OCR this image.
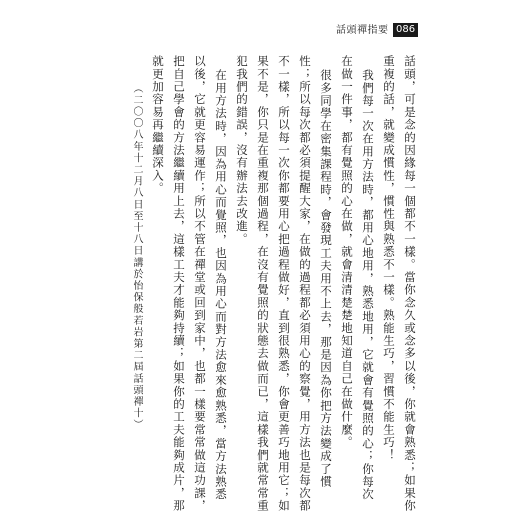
話頭禪指要 086
話頭，可是念的因緣每一個都不一樣。當你念久或念多以後，你就會熟悉；如果你
重複的話，就變成慣性，慣性與熟悉不一樣。熟能生巧，習慣不能生巧！
我們每一次在用方法時，都用心地用，熟悉地用，它就會有覺照的心；你每次
在做一件事，都有覺照的心在做，就會清清楚楚地知道自己在做什麼。
很多同學在密集課程時，會發現工夫用不上去，那是因為你把方法變成了慣
性；所以每次都必須提醒大家，在做的過程都必須用心的察覺，用方法也是每次都
不一樣，所以每一次你都要用心把過程做好，直到很熟悉，你會更善巧地用它；如
果不是，你只是在重複那個過程，在沒有覺照的狀態去做而已，這樣我們就常常重
犯我們的錯誤，沒有辦法去改進。
在用方法時，因為用心而覺照，也因為用心而對方法愈來愈熟悉，當方法熟悉
以後，它就更容易運作；所以不管在禪堂或回到家中，也都一樣要常常做這功課，
把自己學會的方法繼續用上去，這樣工夫才能夠持續；如果你的工夫能夠成片，那
就更加容易再繼續深入。
（二〇〇八年十二月八日至十八日講於怡保般若岩第二屆話頭禪十）
